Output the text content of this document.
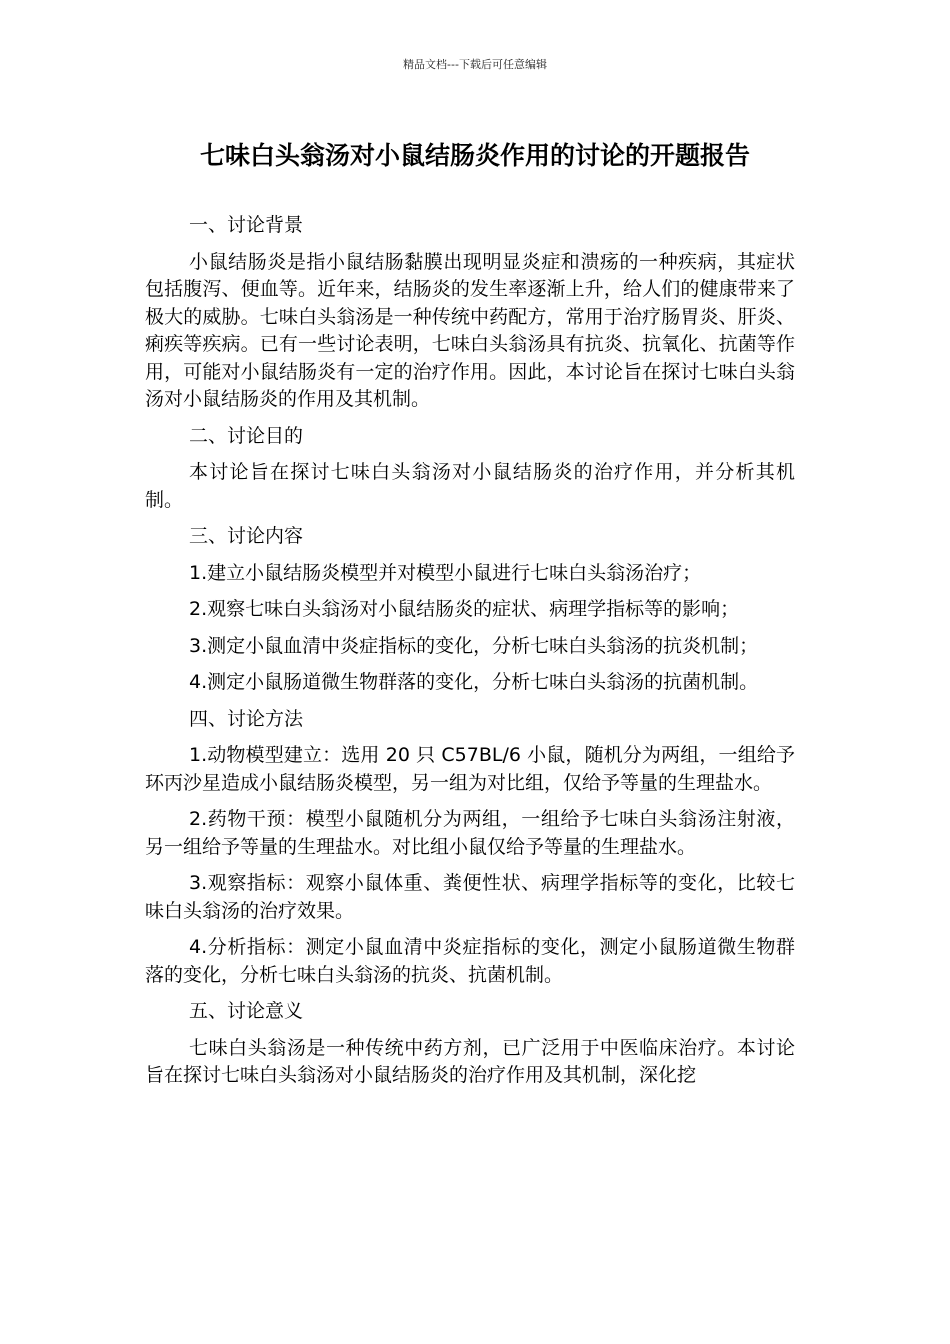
精品文档---下载后可任意编辑
七味白头翁汤对小鼠结肠炎作用的讨论的开题报告

一、讨论背景

小鼠结肠炎是指小鼠结肠黏膜出现明显炎症和溃疡的一种疾病，其症状包括腹泻、便血等。近年来，结肠炎的发生率逐渐上升，给人们的健康带来了极大的威胁。七味白头翁汤是一种传统中药配方，常用于治疗肠胃炎、肝炎、痢疾等疾病。已有一些讨论表明，七味白头翁汤具有抗炎、抗氧化、抗菌等作用，可能对小鼠结肠炎有一定的治疗作用。因此，本讨论旨在探讨七味白头翁汤对小鼠结肠炎的作用及其机制。

二、讨论目的

本讨论旨在探讨七味白头翁汤对小鼠结肠炎的治疗作用，并分析其机制。

三、讨论内容

1.建立小鼠结肠炎模型并对模型小鼠进行七味白头翁汤治疗；

2.观察七味白头翁汤对小鼠结肠炎的症状、病理学指标等的影响；

3.测定小鼠血清中炎症指标的变化，分析七味白头翁汤的抗炎机制；

4.测定小鼠肠道微生物群落的变化，分析七味白头翁汤的抗菌机制。

四、讨论方法

1.动物模型建立：选用 20 只 C57BL/6 小鼠，随机分为两组，一组给予环丙沙星造成小鼠结肠炎模型，另一组为对比组，仅给予等量的生理盐水。

2.药物干预：模型小鼠随机分为两组，一组给予七味白头翁汤注射液，另一组给予等量的生理盐水。对比组小鼠仅给予等量的生理盐水。

3.观察指标：观察小鼠体重、粪便性状、病理学指标等的变化，比较七味白头翁汤的治疗效果。

4.分析指标：测定小鼠血清中炎症指标的变化，测定小鼠肠道微生物群落的变化，分析七味白头翁汤的抗炎、抗菌机制。

五、讨论意义

七味白头翁汤是一种传统中药方剂，已广泛用于中医临床治疗。本讨论旨在探讨七味白头翁汤对小鼠结肠炎的治疗作用及其机制，深化挖
